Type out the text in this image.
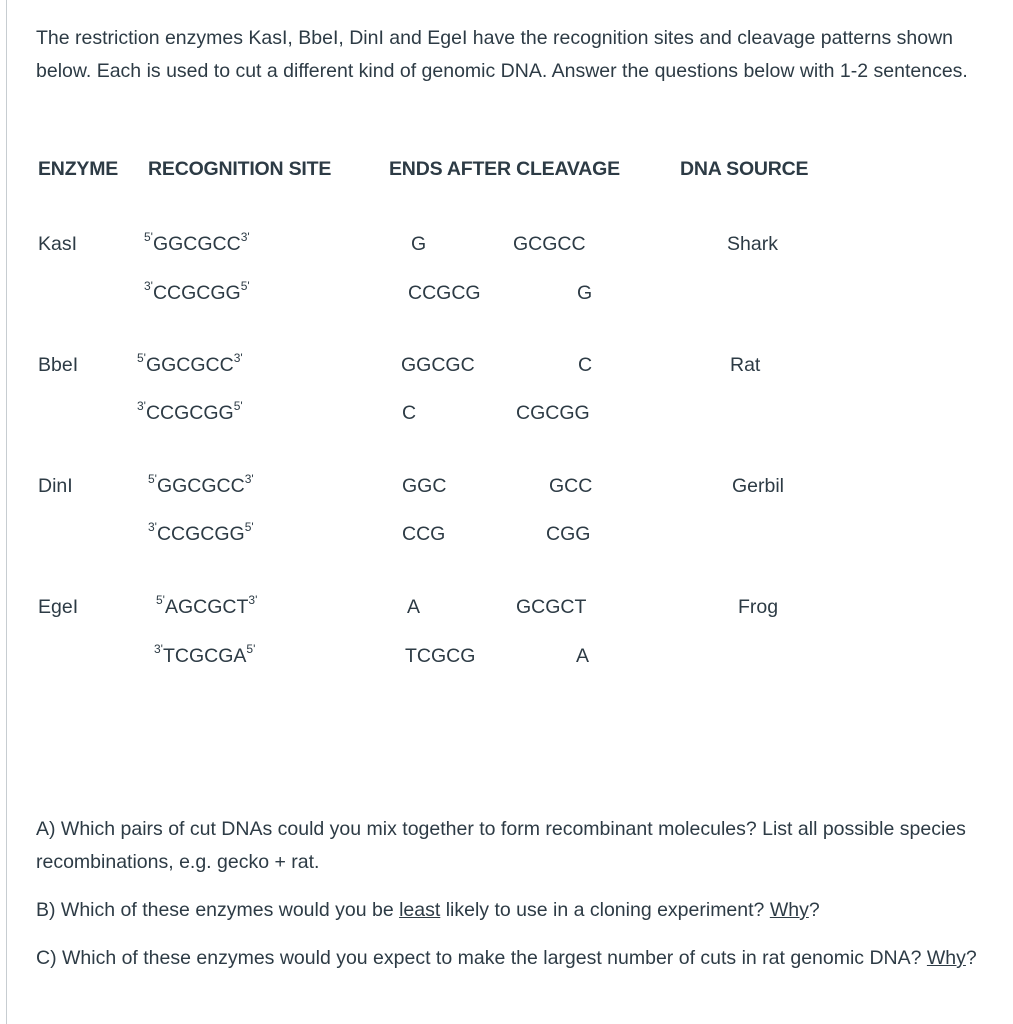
The restriction enzymes KasI, BbeI, DinI and EgeI have the recognition sites and cleavage patterns shown below. Each is used to cut a different kind of genomic DNA. Answer the questions below with 1-2 sentences.
ENZYME RECOGNITION SITE	ENDS AFTER CLEAVAGE	DNA SOURCE
KasI	$^{5'}GGCGCC^{3'}$
$^{3'}CCGCGG^{5'}$
G	GCGCC
CCGCG	G
Shark
BbeI	$^{5'}GGCGCC^{3'}$
$^{3'}CCGCGG^{5'}$
GGCGC	C
C	CGCGG
Rat
DinI	$^{5'}GGCGCC^{3'}$
$^{3'}CCGCGG^{5'}$
GGC	GCC
CCG	CGG
Gerbil
EgeI	$^{5'}AGCGCT^{3'}$
$^{3'}TCGCGA^{5'}$
A	GCGCT
TCGCG	A
Frog
A) Which pairs of cut DNAs could you mix together to form recombinant molecules? List all possible species recombinations, e.g. gecko + rat.
B) Which of these enzymes would you be least likely to use in a cloning experiment? Why?
C) Which of these enzymes would you expect to make the largest number of cuts in rat genomic DNA? Why?
